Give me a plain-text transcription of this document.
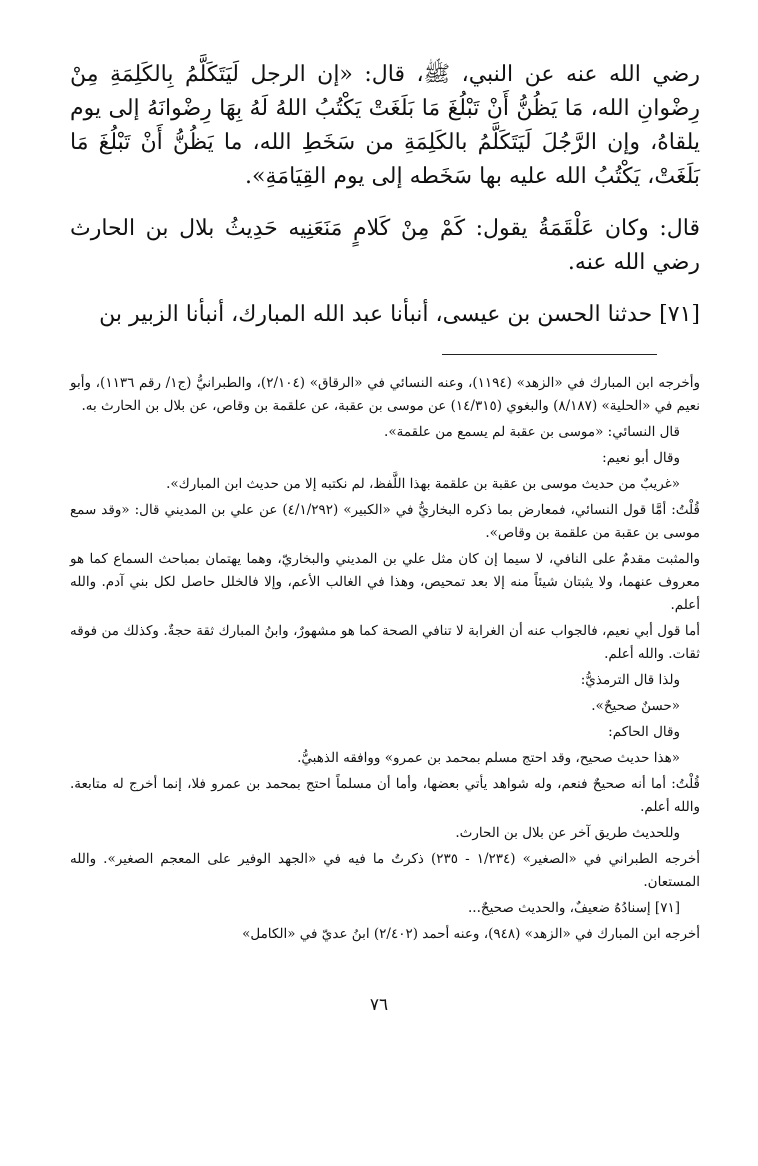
رضي الله عنه عن النبي، ﷺ، قال: «إن الرجل لَيَتَكَلَّمُ بِالكَلِمَةِ مِنْ رِضْوانِ الله، مَا يَظُنُّ أَنْ تَبْلُغَ مَا بَلَغَتْ يَكْتُبُ اللهُ لَهُ بِهَا رِضْوانَهُ إلى يوم يلقاهُ، وإن الرَّجُلَ لَيَتَكَلَّمُ بالكَلِمَةِ من سَخَطِ الله، ما يَظُنُّ أَنْ تَبْلُغَ مَا بَلَغَتْ، يَكْتُبُ الله عليه بها سَخَطه إلى يوم القِيَامَةِ».

قال: وكان عَلْقَمَةُ يقول: كَمْ مِنْ كَلامٍ مَنَعَنِيه حَدِيثُ بلال بن الحارث رضي الله عنه.

[٧١] حدثنا الحسن بن عيسى، أنبأنا عبد الله المبارك، أنبأنا الزبير بن

وأخرجه ابن المبارك في «الزهد» (١١٩٤)، وعنه النسائي في «الرقاق» (٢/١٠٤)، والطبرانيُّ (ج١/ رقم ١١٣٦)، وأبو نعيم في «الحلية» (٨/١٨٧) والبغوي (١٤/٣١٥) عن موسى بن عقبة، عن علقمة بن وقاص، عن بلال بن الحارث به.

قال النسائي: «موسى بن عقبة لم يسمع من علقمة».

وقال أبو نعيم:

«غريبٌ من حديث موسى بن عقبة بن علقمة بهذا اللَّفظ، لم نكتبه إلا من حديث ابن المبارك».

قُلْتُ: أمَّا قول النسائي، فمعارض بما ذكره البخاريُّ في «الكبير» (٤/١/٢٩٢) عن علي بن المديني قال: «وقد سمع موسى بن عقبة من علقمة بن وقاص».

والمثبت مقدمٌ على النافي، لا سيما إن كان مثل علي بن المديني والبخاريّ، وهما يهتمان بمباحث السماع كما هو معروف عنهما، ولا يثبتان شيئاً منه إلا بعد تمحيص، وهذا في الغالب الأعم، وإلا فالخلل حاصل لكل بني آدم. والله أعلم.

أما قول أبي نعيم، فالجواب عنه أن الغرابة لا تنافي الصحة كما هو مشهورٌ، وابنُ المبارك ثقة حجةٌ. وكذلك من فوقه ثقات. والله أعلم.

ولذا قال الترمذيُّ:

«حسنٌ صحيحٌ».

وقال الحاكم:

«هذا حديث صحيح، وقد احتج مسلم بمحمد بن عمرو» ووافقه الذهبيُّ.

قُلْتُ: أما أنه صحيحٌ فنعم، وله شواهد يأتي بعضها، وأما أن مسلماً احتج بمحمد بن عمرو فلا، إنما أخرج له متابعة. والله أعلم.

وللحديث طريق آخر عن بلال بن الحارث.

أخرجه الطبراني في «الصغير» (١/٢٣٤ - ٢٣٥) ذكرتُ ما فيه في «الجهد الوفير على المعجم الصغير». والله المستعان.

[٧١] إسنادُهُ ضعيفٌ، والحديث صحيحٌ...

أخرجه ابن المبارك في «الزهد» (٩٤٨)، وعنه أحمد (٢/٤٠٢) ابنُ عديّ في «الكامل»

٧٦
